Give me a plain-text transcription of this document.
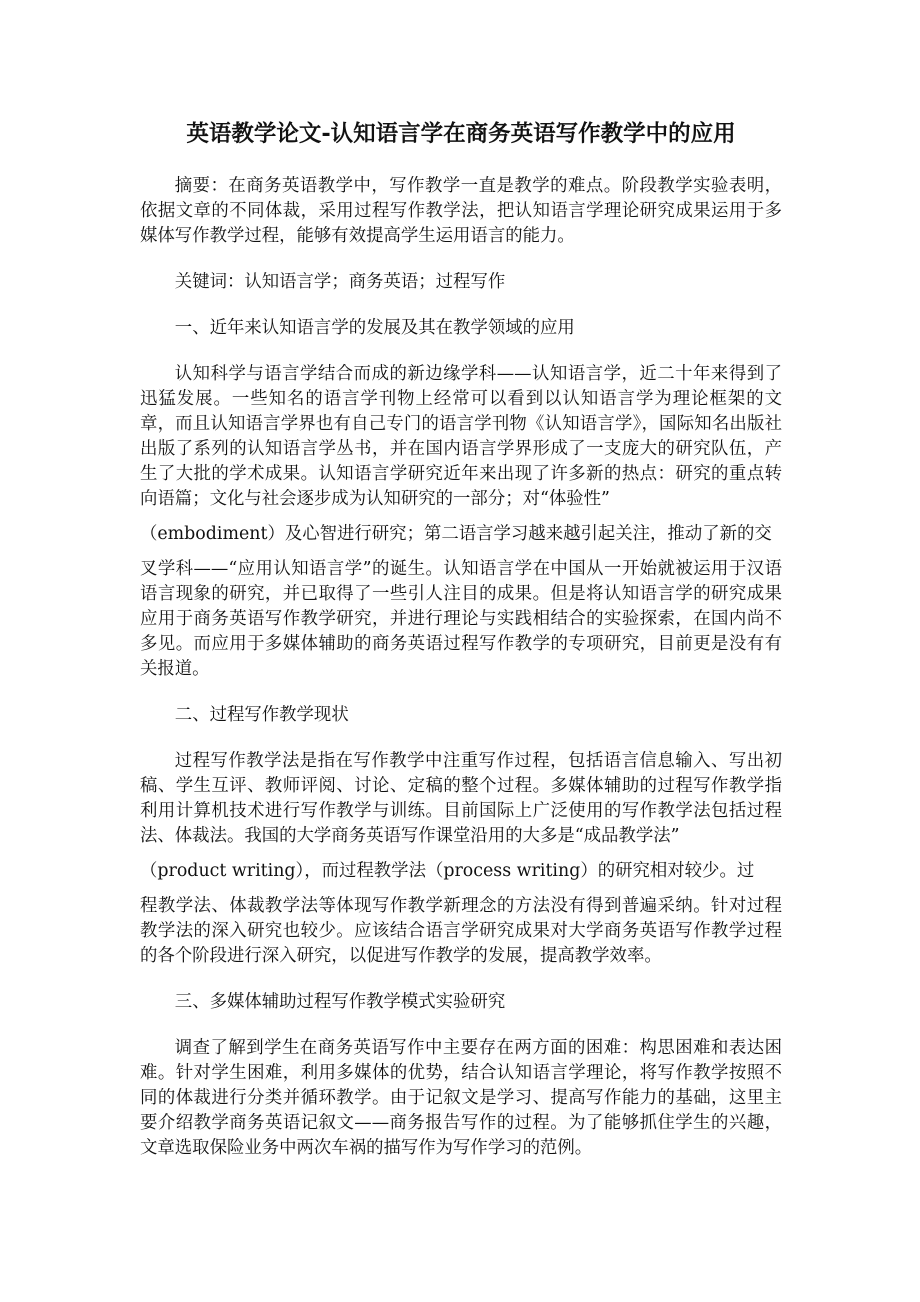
英语教学论文-认知语言学在商务英语写作教学中的应用

摘要：在商务英语教学中，写作教学一直是教学的难点。阶段教学实验表明，依据文章的不同体裁，采用过程写作教学法，把认知语言学理论研究成果运用于多媒体写作教学过程，能够有效提高学生运用语言的能力。

关键词：认知语言学；商务英语；过程写作

一、近年来认知语言学的发展及其在教学领域的应用

认知科学与语言学结合而成的新边缘学科——认知语言学，近二十年来得到了迅猛发展。一些知名的语言学刊物上经常可以看到以认知语言学为理论框架的文章，而且认知语言学界也有自己专门的语言学刊物《认知语言学》，国际知名出版社出版了系列的认知语言学丛书，并在国内语言学界形成了一支庞大的研究队伍，产生了大批的学术成果。认知语言学研究近年来出现了许多新的热点：研究的重点转向语篇；文化与社会逐步成为认知研究的一部分；对“体验性”

（embodiment）及心智进行研究；第二语言学习越来越引起关注，推动了新的交

叉学科——“应用认知语言学”的诞生。认知语言学在中国从一开始就被运用于汉语语言现象的研究，并已取得了一些引人注目的成果。但是将认知语言学的研究成果应用于商务英语写作教学研究，并进行理论与实践相结合的实验探索，在国内尚不多见。而应用于多媒体辅助的商务英语过程写作教学的专项研究，目前更是没有有关报道。

二、过程写作教学现状

过程写作教学法是指在写作教学中注重写作过程，包括语言信息输入、写出初稿、学生互评、教师评阅、讨论、定稿的整个过程。多媒体辅助的过程写作教学指利用计算机技术进行写作教学与训练。目前国际上广泛使用的写作教学法包括过程法、体裁法。我国的大学商务英语写作课堂沿用的大多是“成品教学法”

（product writing），而过程教学法（process writing）的研究相对较少。过

程教学法、体裁教学法等体现写作教学新理念的方法没有得到普遍采纳。针对过程教学法的深入研究也较少。应该结合语言学研究成果对大学商务英语写作教学过程的各个阶段进行深入研究，以促进写作教学的发展，提高教学效率。

三、多媒体辅助过程写作教学模式实验研究

调查了解到学生在商务英语写作中主要存在两方面的困难：构思困难和表达困难。针对学生困难，利用多媒体的优势，结合认知语言学理论，将写作教学按照不同的体裁进行分类并循环教学。由于记叙文是学习、提高写作能力的基础，这里主要介绍教学商务英语记叙文——商务报告写作的过程。为了能够抓住学生的兴趣，文章选取保险业务中两次车祸的描写作为写作学习的范例。
